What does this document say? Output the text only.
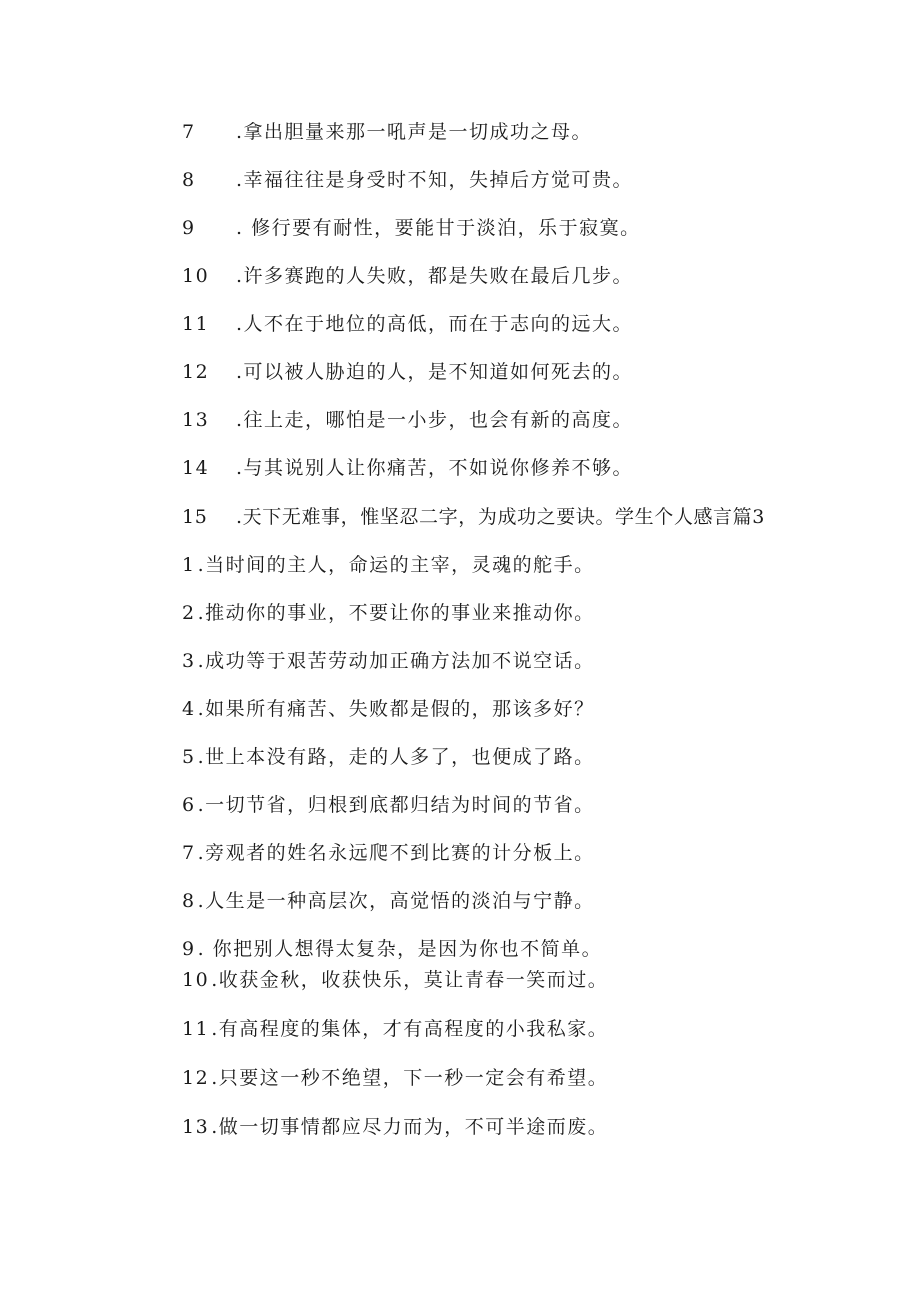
7 .拿出胆量来那一吼声是一切成功之母。
8 .幸福往往是身受时不知，失掉后方觉可贵。
9 . 修行要有耐性，要能甘于淡泊，乐于寂寞。
10 .许多赛跑的人失败，都是失败在最后几步。
11 .人不在于地位的高低，而在于志向的远大。
12 .可以被人胁迫的人，是不知道如何死去的。
13 .往上走，哪怕是一小步，也会有新的高度。
14 .与其说别人让你痛苦，不如说你修养不够。
15 .天下无难事，惟坚忍二字，为成功之要诀。学生个人感言篇3
1 .当时间的主人，命运的主宰，灵魂的舵手。
2 .推动你的事业，不要让你的事业来推动你。
3 .成功等于艰苦劳动加正确方法加不说空话。
4 .如果所有痛苦、失败都是假的，那该多好？
5 .世上本没有路，走的人多了，也便成了路。
6 .一切节省，归根到底都归结为时间的节省。
7 .旁观者的姓名永远爬不到比赛的计分板上。
8 .人生是一种高层次，高觉悟的淡泊与宁静。
9 . 你把别人想得太复杂，是因为你也不简单。
10 .收获金秋，收获快乐，莫让青春一笑而过。
11 .有高程度的集体，才有高程度的小我私家。
12 .只要这一秒不绝望，下一秒一定会有希望。
13 .做一切事情都应尽力而为，不可半途而废。
